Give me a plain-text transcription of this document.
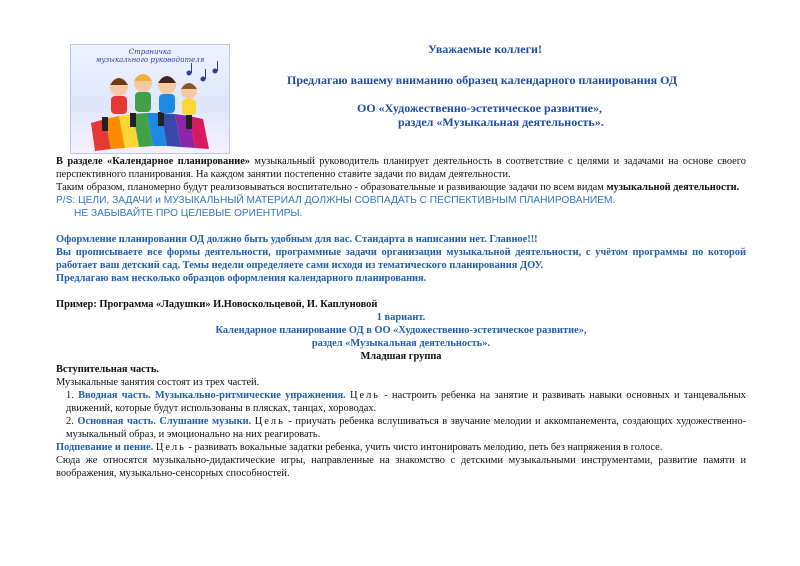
Страничка
музыкального руководителя
Уважаемые коллеги!
Предлагаю вашему вниманию образец календарного планирования ОД
ОО «Художественно-эстетическое развитие»,
раздел «Музыкальная деятельность».

В разделе «Календарное планирование» музыкальный руководитель планирует деятельность в соответствие с целями и задачами на основе своего перспективного планирования. На каждом занятии постепенно ставите задачи по видам деятельности.

Таким образом, планомерно будут реализовываться воспитательно - образовательные и развивающие задачи по всем видам музыкальной деятельности.

P/S: ЦЕЛИ, ЗАДАЧИ и МУЗЫКАЛЬНЫЙ МАТЕРИАЛ ДОЛЖНЫ СОВПАДАТЬ С ПЕСПЕКТИВНЫМ ПЛАНИРОВАНИЕМ.

НЕ ЗАБЫВАЙТЕ ПРО ЦЕЛЕВЫЕ ОРИЕНТИРЫ.

Оформление планирования ОД должно быть удобным для вас. Стандарта в написании нет. Главное!!!

Вы прописываете все формы деятельности, программные задачи организации музыкальной деятельности, с учётом программы по которой работает ваш детский сад. Темы недели определяете сами исходя из тематического планирования ДОУ.

Предлагаю вам несколько образцов оформления календарного планирования.

Пример: Программа «Ладушки» И.Новоскольцевой, И. Каплуновой

1 вариант.

Календарное планирование ОД в ОО «Художественно-эстетическое развитие»,

раздел «Музыкальная деятельность».

Младшая группа

Вступительная часть.

Музыкальные занятия состоят из трех частей.

1. Вводная часть. Музыкально-ритмические упражнения. Цель - настроить ребенка на занятие и развивать навыки основных и танцевальных движений, которые будут использованы в плясках, танцах, хороводах.

2. Основная часть. Слушание музыки. Цель - приучать ребенка вслушиваться в звучание мелодии и аккомпанемента, создающих художественно-музыкальный образ, и эмоционально на них реагировать.

Подпевание и пение. Цель - развивать вокальные задатки ребенка, учить чисто интонировать мелодию, петь без напряжения в голосе.

Сюда же относятся музыкально-дидактические игры, направленные на знакомство с детскими музыкальными инструментами, развитие памяти и воображения, музыкально-сенсорных способностей.
